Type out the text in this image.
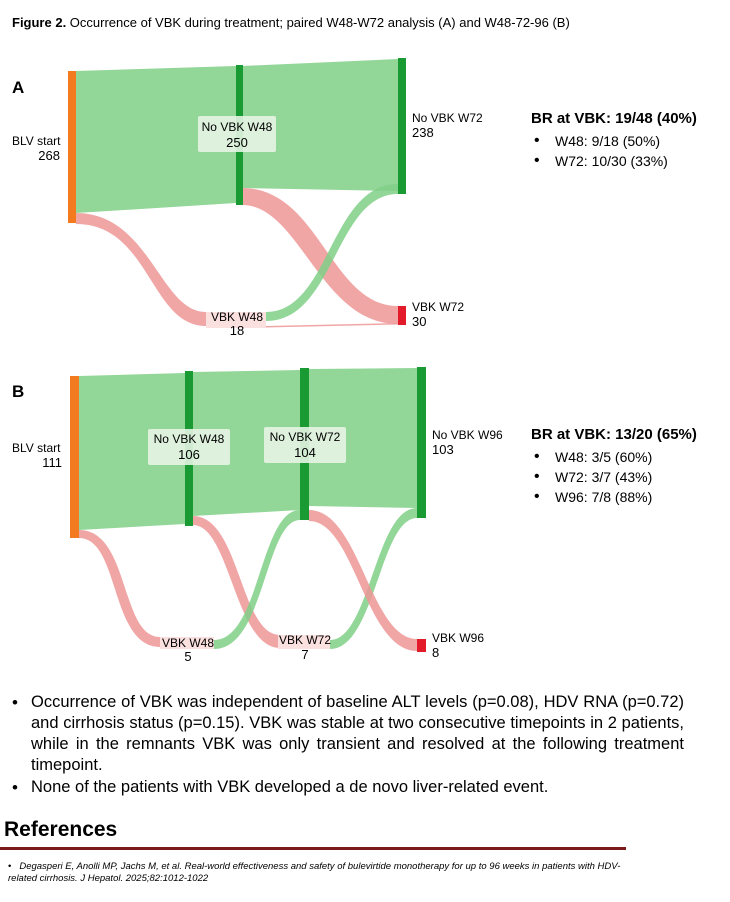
Figure 2. Occurrence of VBK during treatment; paired W48-W72 analysis (A) and W48-72-96 (B)
BLV start
268
No VBK W48
250
VBK W48
18
No VBK W72
238
VBK W72
30
BLV start
111
No VBK W48
106
No VBK W72
104
No VBK W96
103
VBK W48
5
VBK W72
7
VBK W96
8
A
B
BR at VBK: 19/48 (40%)
• W48: 9/18 (50%)
• W72: 10/30 (33%)
BR at VBK: 13/20 (65%)
• W48: 3/5 (60%)
• W72: 3/7 (43%)
• W96: 7/8 (88%)
• Occurrence of VBK was independent of baseline ALT levels (p=0.08), HDV RNA (p=0.72) and cirrhosis status (p=0.15). VBK was stable at two consecutive timepoints in 2 patients, while in the remnants VBK was only transient and resolved at the following treatment timepoint.
• None of the patients with VBK developed a de novo liver-related event.
References
• Degasperi E, Anolli MP, Jachs M, et al. Real-world effectiveness and safety of bulevirtide monotherapy for up to 96 weeks in patients with HDV-related cirrhosis. J Hepatol. 2025;82:1012-1022
